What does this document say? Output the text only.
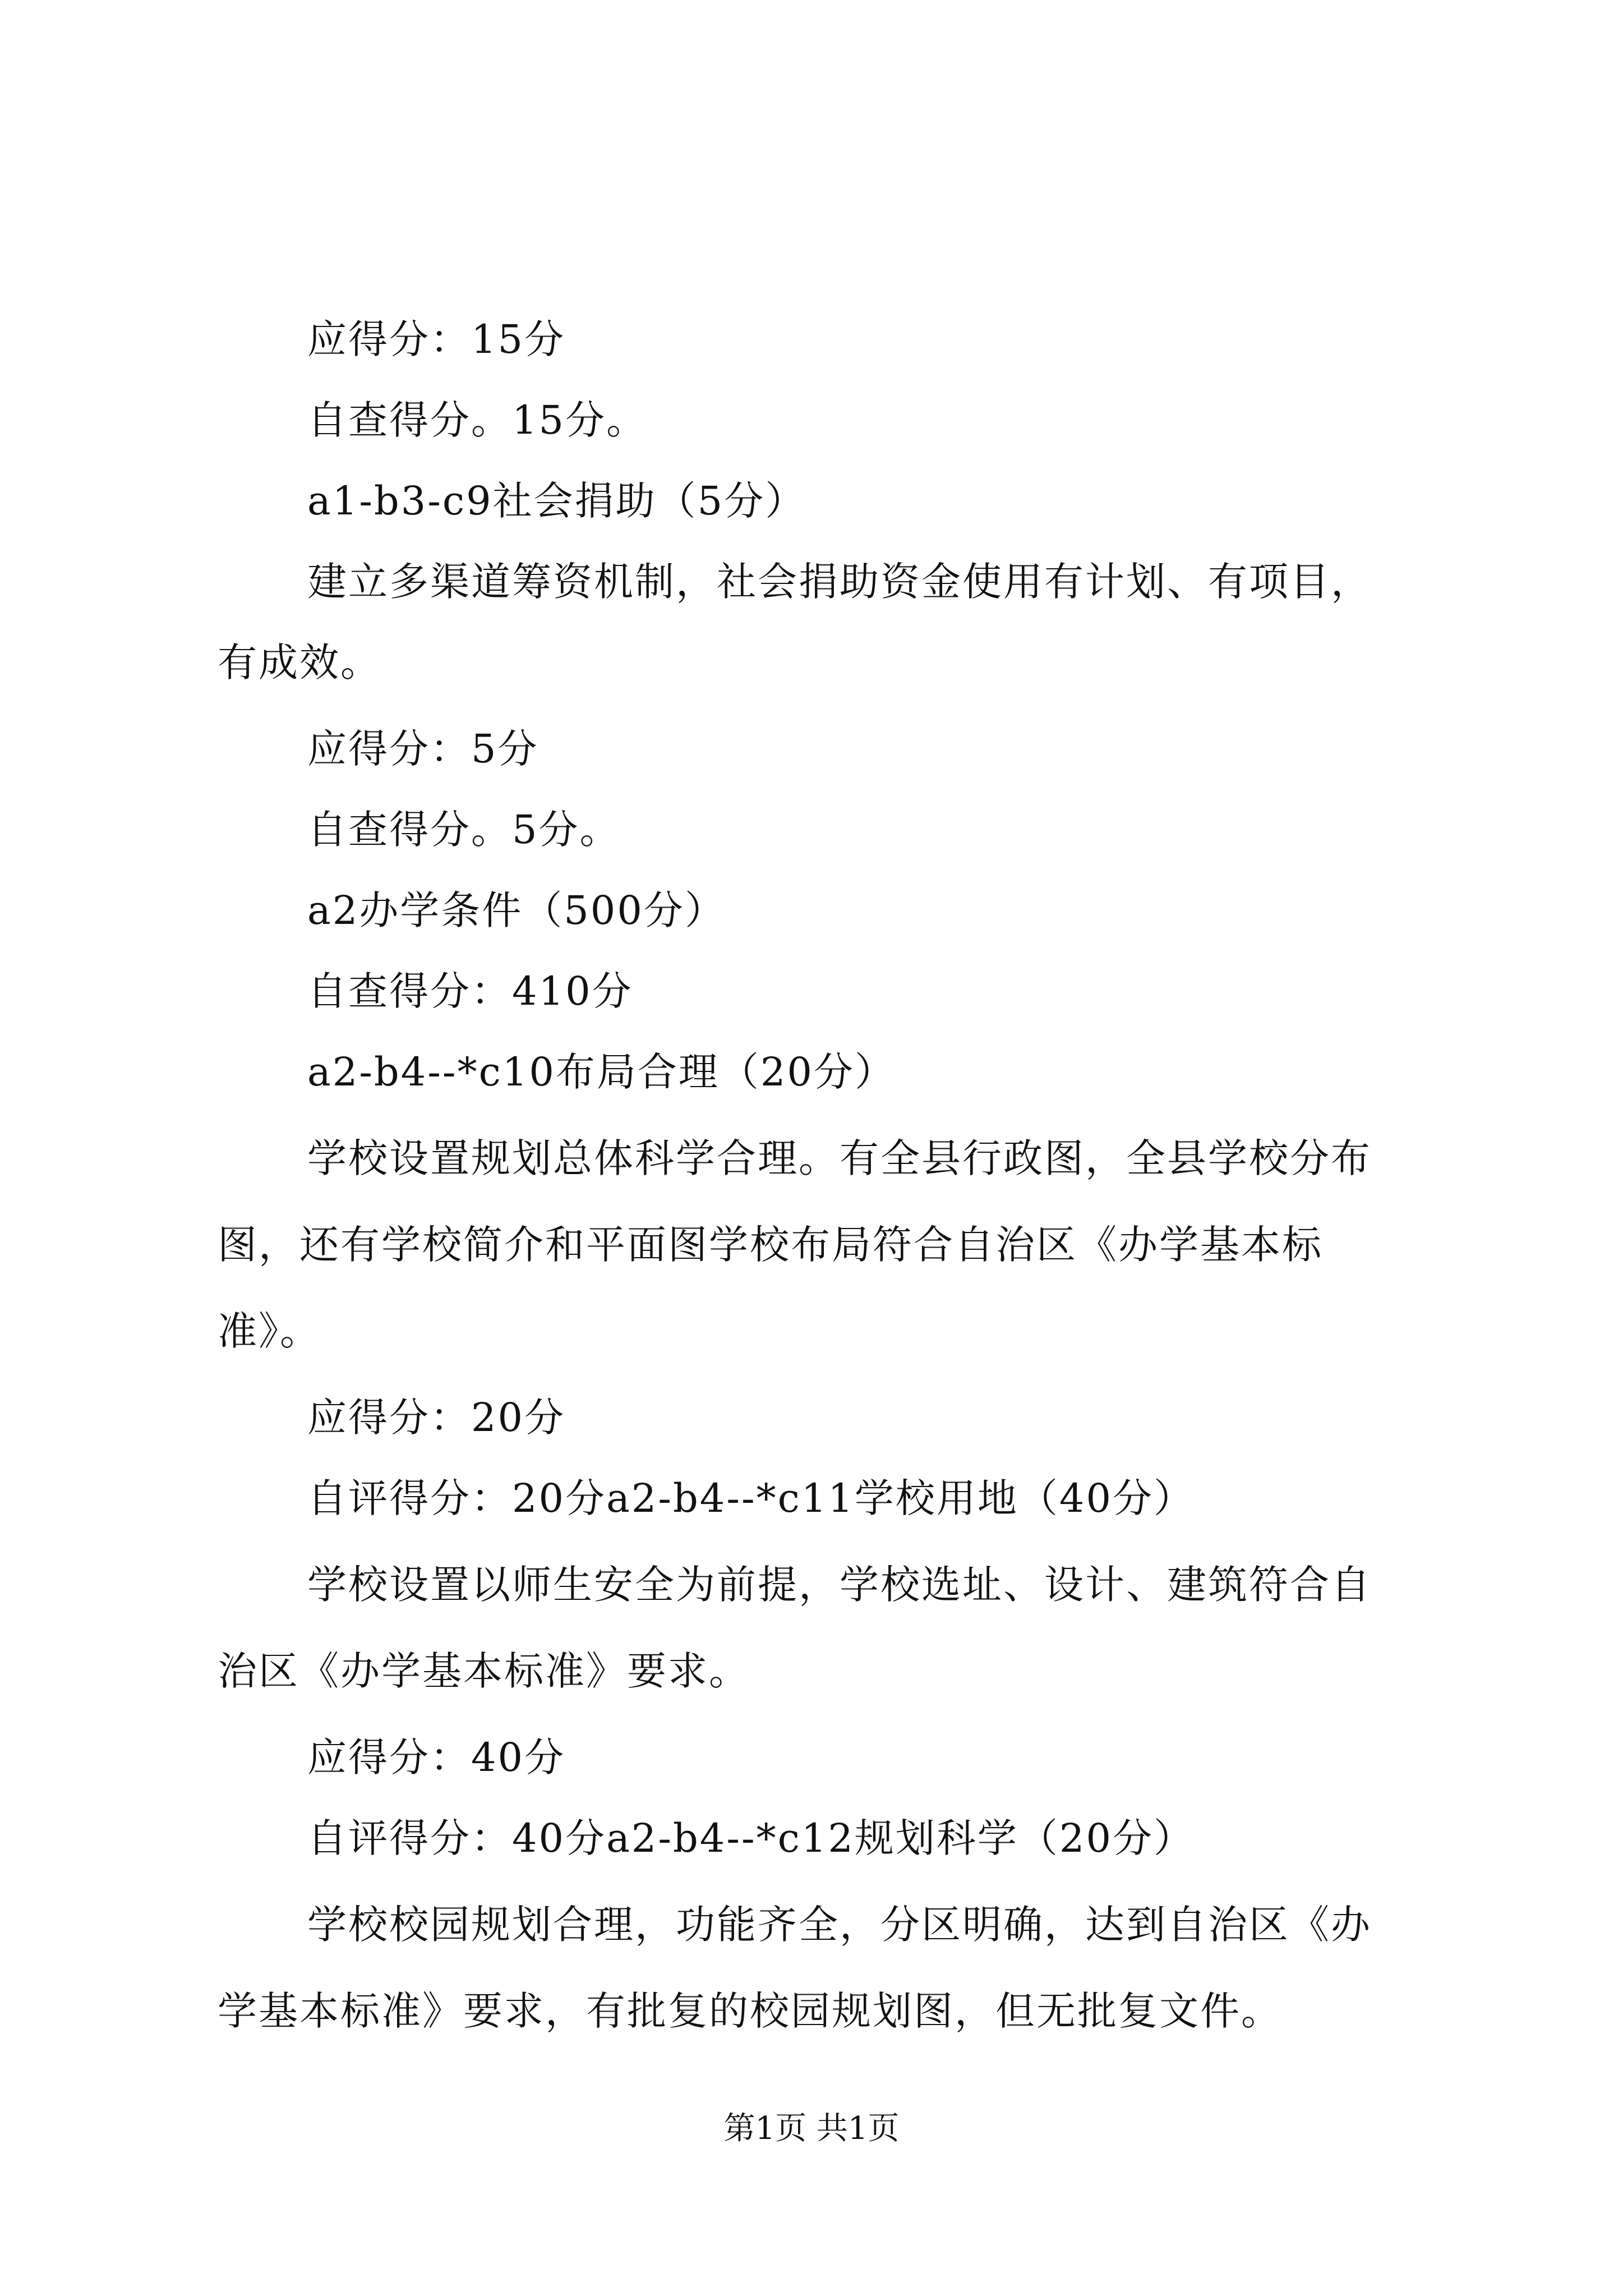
应得分：15分
自查得分。15分。
a1-b3-c9社会捐助（5分）
建立多渠道筹资机制，社会捐助资金使用有计划、有项目，
有成效。
应得分：5分
自查得分。5分。
a2办学条件（500分）
自查得分：410分
a2-b4--*c10布局合理（20分）
学校设置规划总体科学合理。有全县行政图，全县学校分布
图，还有学校简介和平面图学校布局符合自治区《办学基本标
准》。
应得分：20分
自评得分：20分a2-b4--*c11学校用地（40分）
学校设置以师生安全为前提，学校选址、设计、建筑符合自
治区《办学基本标准》要求。
应得分：40分
自评得分：40分a2-b4--*c12规划科学（20分）
学校校园规划合理，功能齐全，分区明确，达到自治区《办
学基本标准》要求，有批复的校园规划图，但无批复文件。
第1页 共1页
